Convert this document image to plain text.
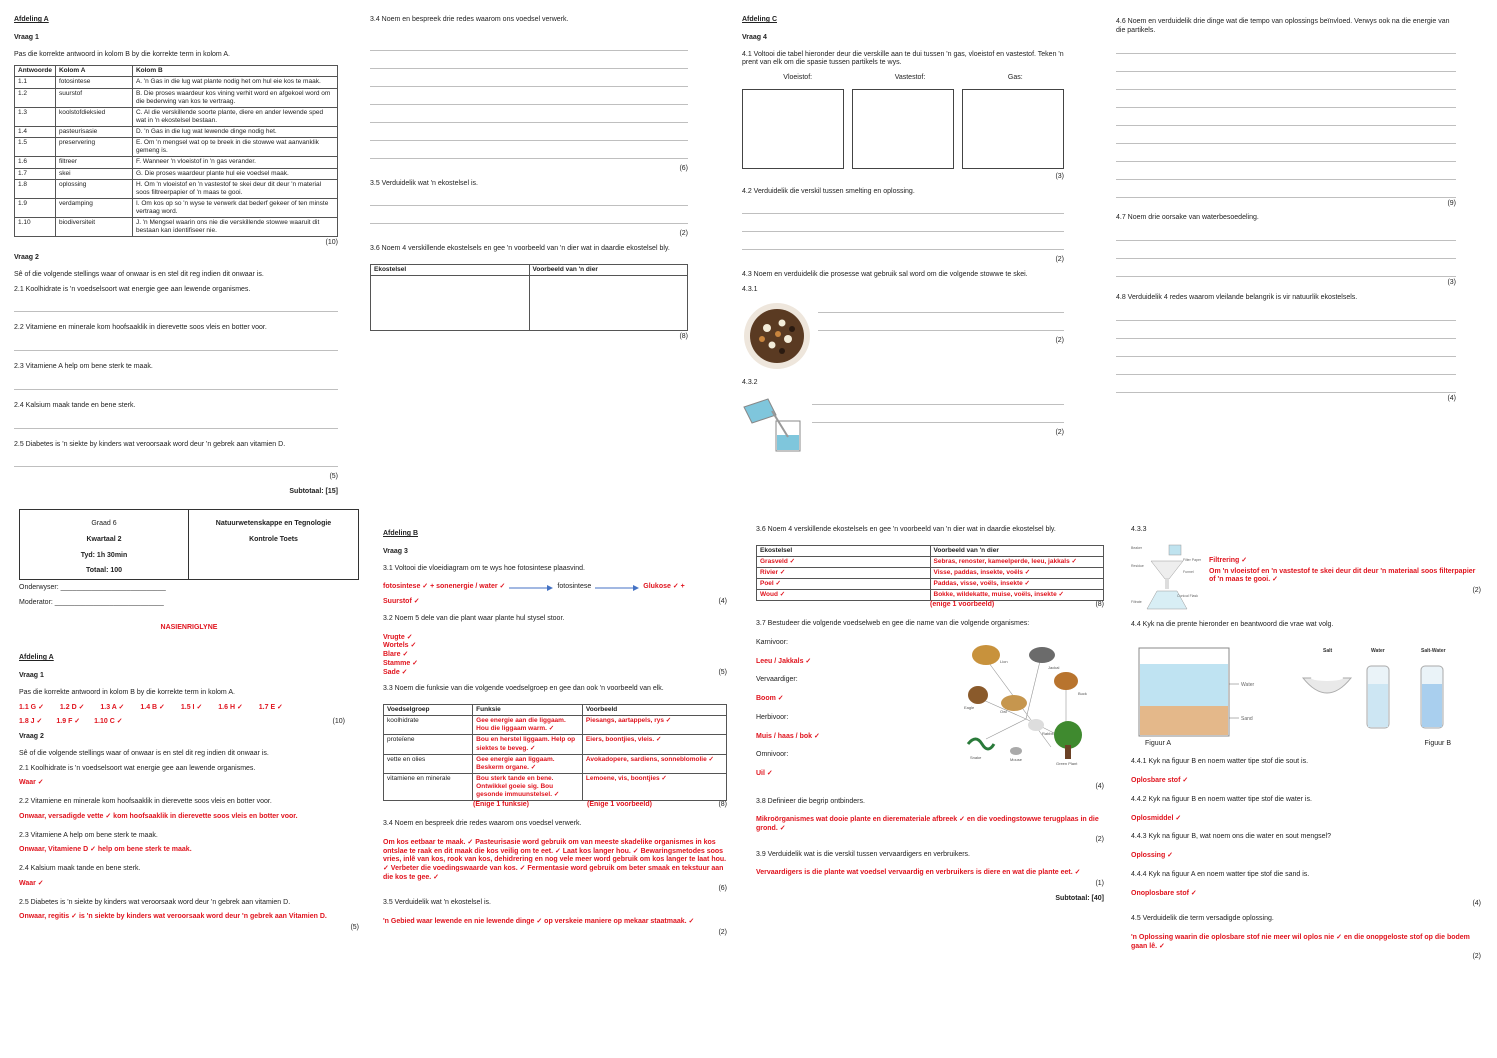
Afdeling A
Vraag 1
Pas die korrekte antwoord in kolom B by die korrekte term in kolom A.
Antwoorde	Kolom A	Kolom B
1.1	fotosintese	A. 'n Gas in die lug wat plante nodig het om hul eie kos te maak.
1.2	suurstof	B. Die proses waardeur kos vining verhit word en afgekoel word om die bederwing van kos te vertraag.
1.3	koolstofdieksied	C. Al die verskillende soorte plante, diere en ander lewende sped wat in 'n ekostelsel bestaan.
1.4	pasteurisasie	D. 'n Gas in die lug wat lewende dinge nodig het.
1.5	preservering	E. Om 'n mengsel wat op te breek in die stowwe wat aanvanklik gemeng is.
1.6	filtreer	F. Wanneer 'n vloeistof in 'n gas verander.
1.7	skei	G. Die proses waardeur plante hul eie voedsel maak.
1.8	oplossing	H. Om 'n vloeistof en 'n vastestof te skei deur dit deur 'n material soos filtreerpapier of 'n maas te gooi.
1.9	verdamping	I. Om kos op so 'n wyse te verwerk dat bederf gekeer of ten minste vertraag word.
1.10	biodiversiteit	J. 'n Mengsel waarin ons nie die verskillende stowwe waaruit dit bestaan kan identifiseer nie.
(10)
Vraag 2
Sê of die volgende stellings waar of onwaar is en stel dit reg indien dit onwaar is.
2.1 Koolhidrate is 'n voedselsoort wat energie gee aan lewende organismes.
2.2 Vitamiene en minerale kom hoofsaaklik in dierevette soos vleis en botter voor.
2.3 Vitamiene A help om bene sterk te maak.
2.4 Kalsium maak tande en bene sterk.
2.5 Diabetes is 'n siekte by kinders wat veroorsaak word deur 'n gebrek aan vitamien D.
(5)
Subtotaal: [15]
3.4 Noem en bespreek drie redes waarom ons voedsel verwerk.
(6)
3.5 Verduidelik wat 'n ekostelsel is.
(2)
3.6 Noem 4 verskillende ekostelsels en gee 'n voorbeeld van 'n dier wat in daardie ekostelsel bly.
Ekostelsel	Voorbeeld van 'n dier

(8)
Afdeling C
Vraag 4
4.1 Voltooi die tabel hieronder deur die verskille aan te dui tussen 'n gas, vloeistof en vastestof. Teken 'n prent van elk om die spasie tussen partikels te wys.
Vloeistof:	Vastestof:	Gas:
(3)
4.2 Verduidelik die verskil tussen smelting en oplossing.
(2)
4.3 Noem en verduidelik die prosesse wat gebruik sal word om die volgende stowwe te skei.
4.3.1
(2)
4.3.2
(2)
4.6 Noem en verduidelik drie dinge wat die tempo van oplossings beïnvloed. Verwys ook na die energie van die partikels.
(9)
4.7 Noem drie oorsake van waterbesoedeling.
(3)
4.8 Verduidelik 4 redes waarom vleilande belangrik is vir natuurlik ekostelsels.
(4)
Graad 6
Kwartaal 2
Tyd: 1h 30min
Totaal: 100
Natuurwetenskappe en Tegnologie
Kontrole Toets
Onderwyser: ___________________________
Moderator: ____________________________
NASIENRIGLYNE
Afdeling A
Vraag 1
Pas die korrekte antwoord in kolom B by die korrekte term in kolom A.
1.1 G ✓ 1.2 D ✓ 1.3 A ✓ 1.4 B ✓ 1.5 I ✓ 1.6 H ✓ 1.7 E ✓
1.8 J ✓ 1.9 F ✓ 1.10 C ✓	(10)
Vraag 2
Sê of die volgende stellings waar of onwaar is en stel dit reg indien dit onwaar is.
2.1 Koolhidrate is 'n voedselsoort wat energie gee aan lewende organismes.
Waar ✓
2.2 Vitamiene en minerale kom hoofsaaklik in dierevette soos vleis en botter voor.
Onwaar, versadigde vette ✓ kom hoofsaaklik in dierevette soos vleis en botter voor.
2.3 Vitamiene A help om bene sterk te maak.
Onwaar, Vitamiene D ✓ help om bene sterk te maak.
2.4 Kalsium maak tande en bene sterk.
Waar ✓
2.5 Diabetes is 'n siekte by kinders wat veroorsaak word deur 'n gebrek aan vitamien D.
Onwaar, regitis ✓ is 'n siekte by kinders wat veroorsaak word deur 'n gebrek aan Vitamien D.
(5)
Afdeling B
Vraag 3
3.1 Voltooi die vloeidiagram om te wys hoe fotosintese plaasvind.
fotosintese ✓ + sonenergie / water ✓	fotosintese	Glukose ✓ +
Suurstof ✓	(4)
3.2 Noem 5 dele van die plant waar plante hul stysel stoor.
Vrugte ✓
Wortels ✓
Blare ✓
Stamme ✓
Sade ✓	(5)
3.3 Noem die funksie van die volgende voedselgroep en gee dan ook 'n voorbeeld van elk.
Voedselgroep	Funksie	Voorbeeld
koolhidrate	Gee energie aan die liggaam. Hou die liggaam warm. ✓	Piesangs, aartappels, rys ✓
proteïene	Bou en herstel liggaam. Help op siektes te beveg. ✓	Eiers, boontjies, vleis. ✓
vette en olies	Gee energie aan liggaam. Beskerm organe. ✓	Avokadopere, sardiens, sonneblomolie ✓
vitamiene en minerale	Bou sterk tande en bene. Ontwikkel goeie sig. Bou gesonde immuunstelsel. ✓	Lemoene, vis, boontjies ✓
(Enige 1 funksie)	(Enige 1 voorbeeld)	(8)
3.4 Noem en bespreek drie redes waarom ons voedsel verwerk.
Om kos eetbaar te maak. ✓ Pasteurisasie word gebruik om van meeste skadelike organismes in kos ontslae te raak en dit maak die kos veilig om te eet. ✓ Laat kos langer hou. ✓ Bewaringsmetodes soos vries, inlê van kos, rook van kos, dehidrering en nog vele meer word gebruik om kos langer te laat hou. ✓ Verbeter die voedingswaarde van kos. ✓ Fermentasie word gebruik om beter smaak en tekstuur aan die kos te gee. ✓
(6)
3.5 Verduidelik wat 'n ekostelsel is.
'n Gebied waar lewende en nie lewende dinge ✓ op verskeie maniere op mekaar staatmaak. ✓
(2)
3.6 Noem 4 verskillende ekostelsels en gee 'n voorbeeld van 'n dier wat in daardie ekostelsel bly.
Ekostelsel	Voorbeeld van 'n dier
Grasveld ✓	Sebras, renoster, kameelperde, leeu, jakkals ✓
Rivier ✓	Visse, paddas, insekte, voëls ✓
Poel ✓	Paddas, visse, voëls, insekte ✓
Woud ✓	Bokke, wildekatte, muise, voëls, insekte ✓
(enige 1 voorbeeld)	(8)
3.7 Bestudeer die volgende voedselweb en gee die name van die volgende organismes:
Karnivoor:
Leeu / Jakkals ✓
Vervaardiger:
Boom ✓
Herbivoor:
Muis / haas / bok ✓
Omnivoor:
Uil ✓
Lion
Jackal
Eagle
Buck
Owl
Snake
Rabbit
Mouse
Green Plant
(4)
3.8 Definieer die begrip ontbinders.
Mikroörganismes wat dooie plante en dieremateriale afbreek ✓ en die voedingstowwe terugplaas in die grond. ✓
(2)
3.9 Verduidelik wat is die verskil tussen vervaardigers en verbruikers.
Vervaardigers is die plante wat voedsel vervaardig en verbruikers is diere en wat die plante eet. ✓
(1)
Subtotaal: [40]
4.3.3
Beaker
Residue
Filter Paper
Funnel
Filtrate
Conical Flask
Filtrering ✓
Om 'n vloeistof en 'n vastestof te skei deur dit deur 'n materiaal soos filterpapier of 'n maas te gooi. ✓
(2)
4.4 Kyk na die prente hieronder en beantwoord die vrae wat volg.
Water
Sand
Salt	Water	Salt-Water
Figuur A	Figuur B
4.4.1 Kyk na figuur B en noem watter tipe stof die sout is.
Oplosbare stof ✓
4.4.2 Kyk na figuur B en noem watter tipe stof die water is.
Oplosmiddel ✓
4.4.3 Kyk na figuur B, wat noem ons die water en sout mengsel?
Oplossing ✓
4.4.4 Kyk na figuur A en noem watter tipe stof die sand is.
Onoplosbare stof ✓
(4)
4.5 Verduidelik die term versadigde oplossing.
'n Oplossing waarin die oplosbare stof nie meer wil oplos nie ✓ en die onopgeloste stof op die bodem gaan lê. ✓
(2)
